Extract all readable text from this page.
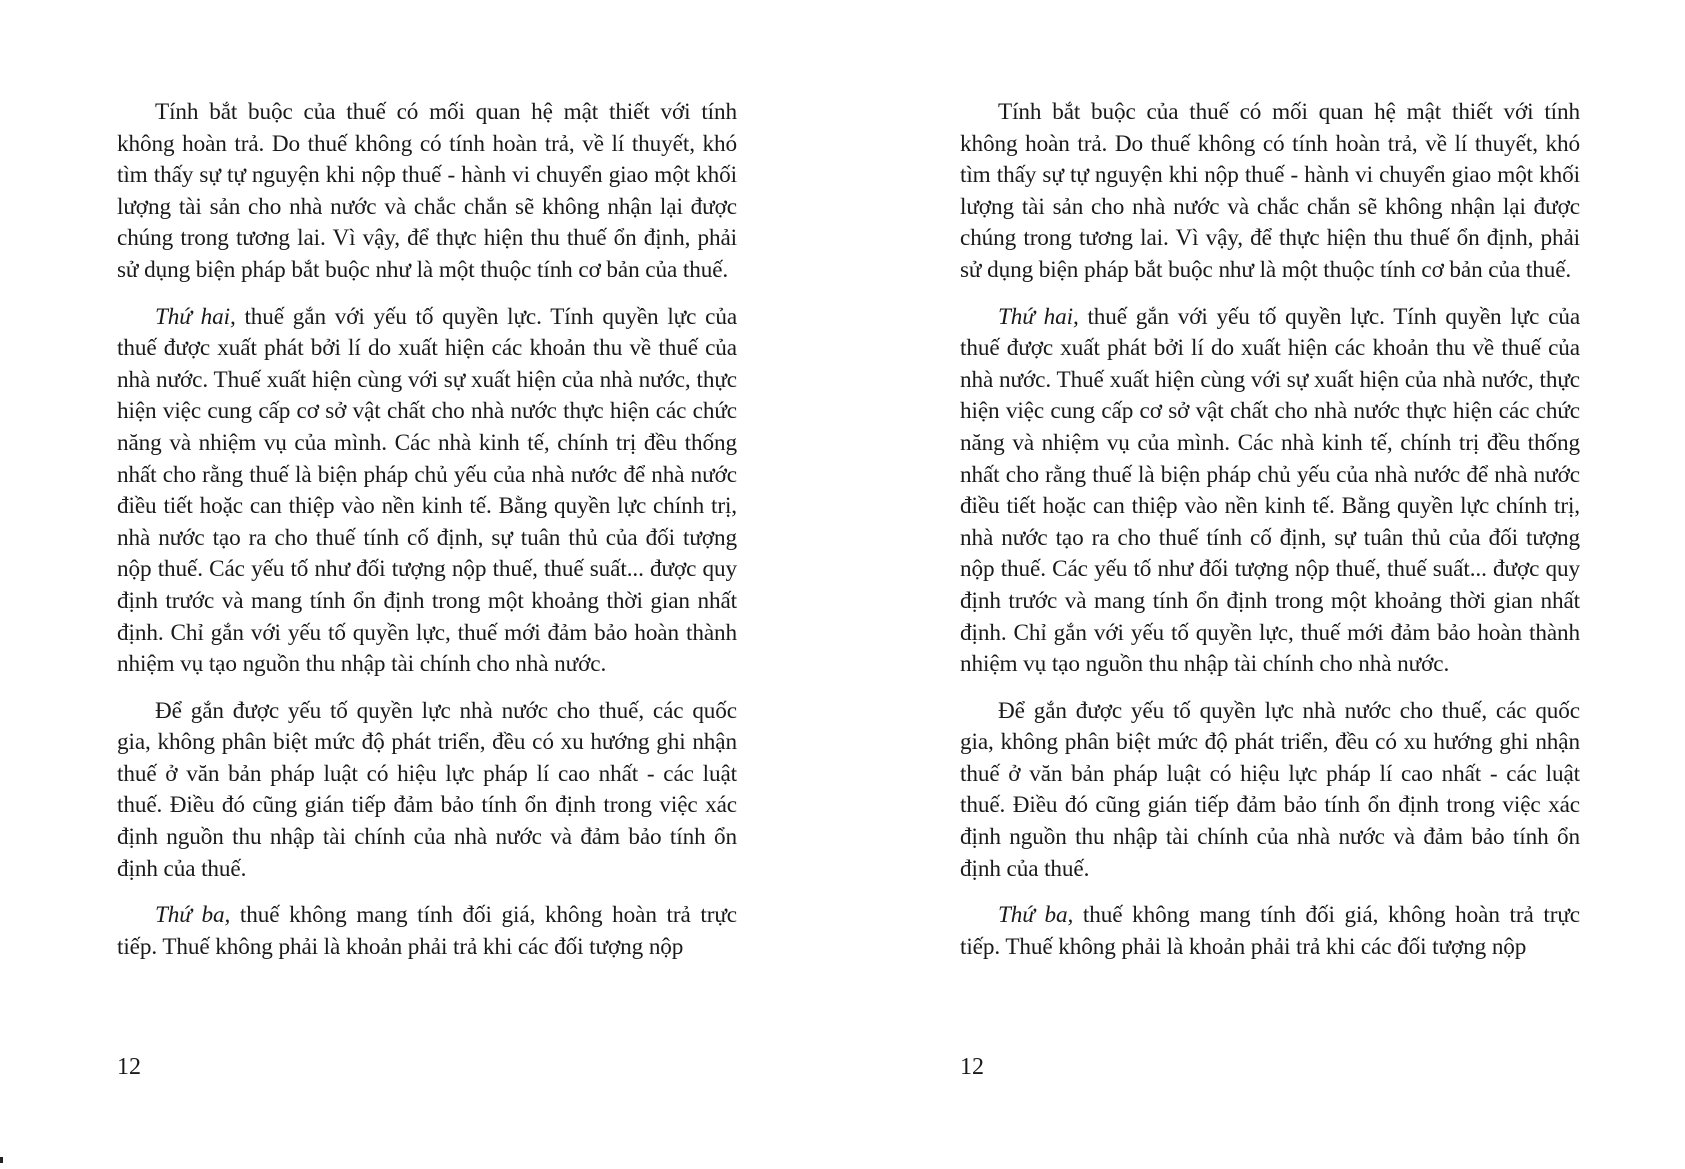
Tính bắt buộc của thuế có mối quan hệ mật thiết với tính không hoàn trả. Do thuế không có tính hoàn trả, về lí thuyết, khó tìm thấy sự tự nguyện khi nộp thuế - hành vi chuyển giao một khối lượng tài sản cho nhà nước và chắc chắn sẽ không nhận lại được chúng trong tương lai. Vì vậy, để thực hiện thu thuế ổn định, phải sử dụng biện pháp bắt buộc như là một thuộc tính cơ bản của thuế.

Thứ hai, thuế gắn với yếu tố quyền lực. Tính quyền lực của thuế được xuất phát bởi lí do xuất hiện các khoản thu về thuế của nhà nước. Thuế xuất hiện cùng với sự xuất hiện của nhà nước, thực hiện việc cung cấp cơ sở vật chất cho nhà nước thực hiện các chức năng và nhiệm vụ của mình. Các nhà kinh tế, chính trị đều thống nhất cho rằng thuế là biện pháp chủ yếu của nhà nước để nhà nước điều tiết hoặc can thiệp vào nền kinh tế. Bằng quyền lực chính trị, nhà nước tạo ra cho thuế tính cố định, sự tuân thủ của đối tượng nộp thuế. Các yếu tố như đối tượng nộp thuế, thuế suất... được quy định trước và mang tính ổn định trong một khoảng thời gian nhất định. Chỉ gắn với yếu tố quyền lực, thuế mới đảm bảo hoàn thành nhiệm vụ tạo nguồn thu nhập tài chính cho nhà nước.

Để gắn được yếu tố quyền lực nhà nước cho thuế, các quốc gia, không phân biệt mức độ phát triển, đều có xu hướng ghi nhận thuế ở văn bản pháp luật có hiệu lực pháp lí cao nhất - các luật thuế. Điều đó cũng gián tiếp đảm bảo tính ổn định trong việc xác định nguồn thu nhập tài chính của nhà nước và đảm bảo tính ổn định của thuế.

Thứ ba, thuế không mang tính đối giá, không hoàn trả trực tiếp. Thuế không phải là khoản phải trả khi các đối tượng nộp

12

Tính bắt buộc của thuế có mối quan hệ mật thiết với tính không hoàn trả. Do thuế không có tính hoàn trả, về lí thuyết, khó tìm thấy sự tự nguyện khi nộp thuế - hành vi chuyển giao một khối lượng tài sản cho nhà nước và chắc chắn sẽ không nhận lại được chúng trong tương lai. Vì vậy, để thực hiện thu thuế ổn định, phải sử dụng biện pháp bắt buộc như là một thuộc tính cơ bản của thuế.

Thứ hai, thuế gắn với yếu tố quyền lực. Tính quyền lực của thuế được xuất phát bởi lí do xuất hiện các khoản thu về thuế của nhà nước. Thuế xuất hiện cùng với sự xuất hiện của nhà nước, thực hiện việc cung cấp cơ sở vật chất cho nhà nước thực hiện các chức năng và nhiệm vụ của mình. Các nhà kinh tế, chính trị đều thống nhất cho rằng thuế là biện pháp chủ yếu của nhà nước để nhà nước điều tiết hoặc can thiệp vào nền kinh tế. Bằng quyền lực chính trị, nhà nước tạo ra cho thuế tính cố định, sự tuân thủ của đối tượng nộp thuế. Các yếu tố như đối tượng nộp thuế, thuế suất... được quy định trước và mang tính ổn định trong một khoảng thời gian nhất định. Chỉ gắn với yếu tố quyền lực, thuế mới đảm bảo hoàn thành nhiệm vụ tạo nguồn thu nhập tài chính cho nhà nước.

Để gắn được yếu tố quyền lực nhà nước cho thuế, các quốc gia, không phân biệt mức độ phát triển, đều có xu hướng ghi nhận thuế ở văn bản pháp luật có hiệu lực pháp lí cao nhất - các luật thuế. Điều đó cũng gián tiếp đảm bảo tính ổn định trong việc xác định nguồn thu nhập tài chính của nhà nước và đảm bảo tính ổn định của thuế.

Thứ ba, thuế không mang tính đối giá, không hoàn trả trực tiếp. Thuế không phải là khoản phải trả khi các đối tượng nộp

12
